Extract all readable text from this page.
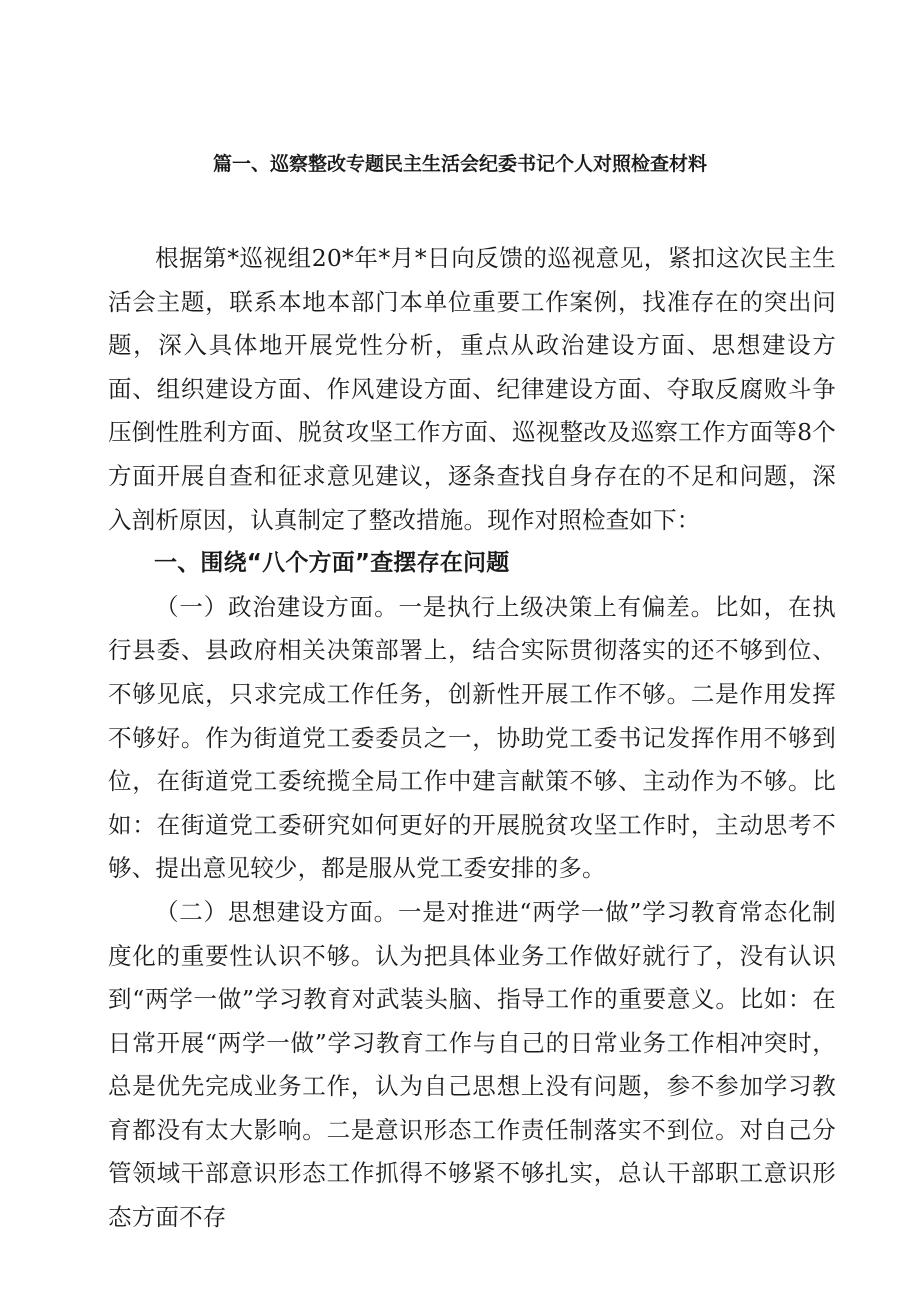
篇一、巡察整改专题民主生活会纪委书记个人对照检查材料

根据第*巡视组20*年*月*日向反馈的巡视意见，紧扣这次民主生活会主题，联系本地本部门本单位重要工作案例，找准存在的突出问题，深入具体地开展党性分析，重点从政治建设方面、思想建设方面、组织建设方面、作风建设方面、纪律建设方面、夺取反腐败斗争压倒性胜利方面、脱贫攻坚工作方面、巡视整改及巡察工作方面等8个方面开展自查和征求意见建议，逐条查找自身存在的不足和问题，深入剖析原因，认真制定了整改措施。现作对照检查如下：

一、围绕“八个方面”查摆存在问题

（一）政治建设方面。一是执行上级决策上有偏差。比如，在执行县委、县政府相关决策部署上，结合实际贯彻落实的还不够到位、不够见底，只求完成工作任务，创新性开展工作不够。二是作用发挥不够好。作为街道党工委委员之一，协助党工委书记发挥作用不够到位，在街道党工委统揽全局工作中建言献策不够、主动作为不够。比如：在街道党工委研究如何更好的开展脱贫攻坚工作时，主动思考不够、提出意见较少，都是服从党工委安排的多。

（二）思想建设方面。一是对推进“两学一做”学习教育常态化制度化的重要性认识不够。认为把具体业务工作做好就行了，没有认识到“两学一做”学习教育对武装头脑、指导工作的重要意义。比如：在日常开展“两学一做”学习教育工作与自己的日常业务工作相冲突时，总是优先完成业务工作，认为自己思想上没有问题，参不参加学习教育都没有太大影响。二是意识形态工作责任制落实不到位。对自己分管领域干部意识形态工作抓得不够紧不够扎实，总认干部职工意识形态方面不存
